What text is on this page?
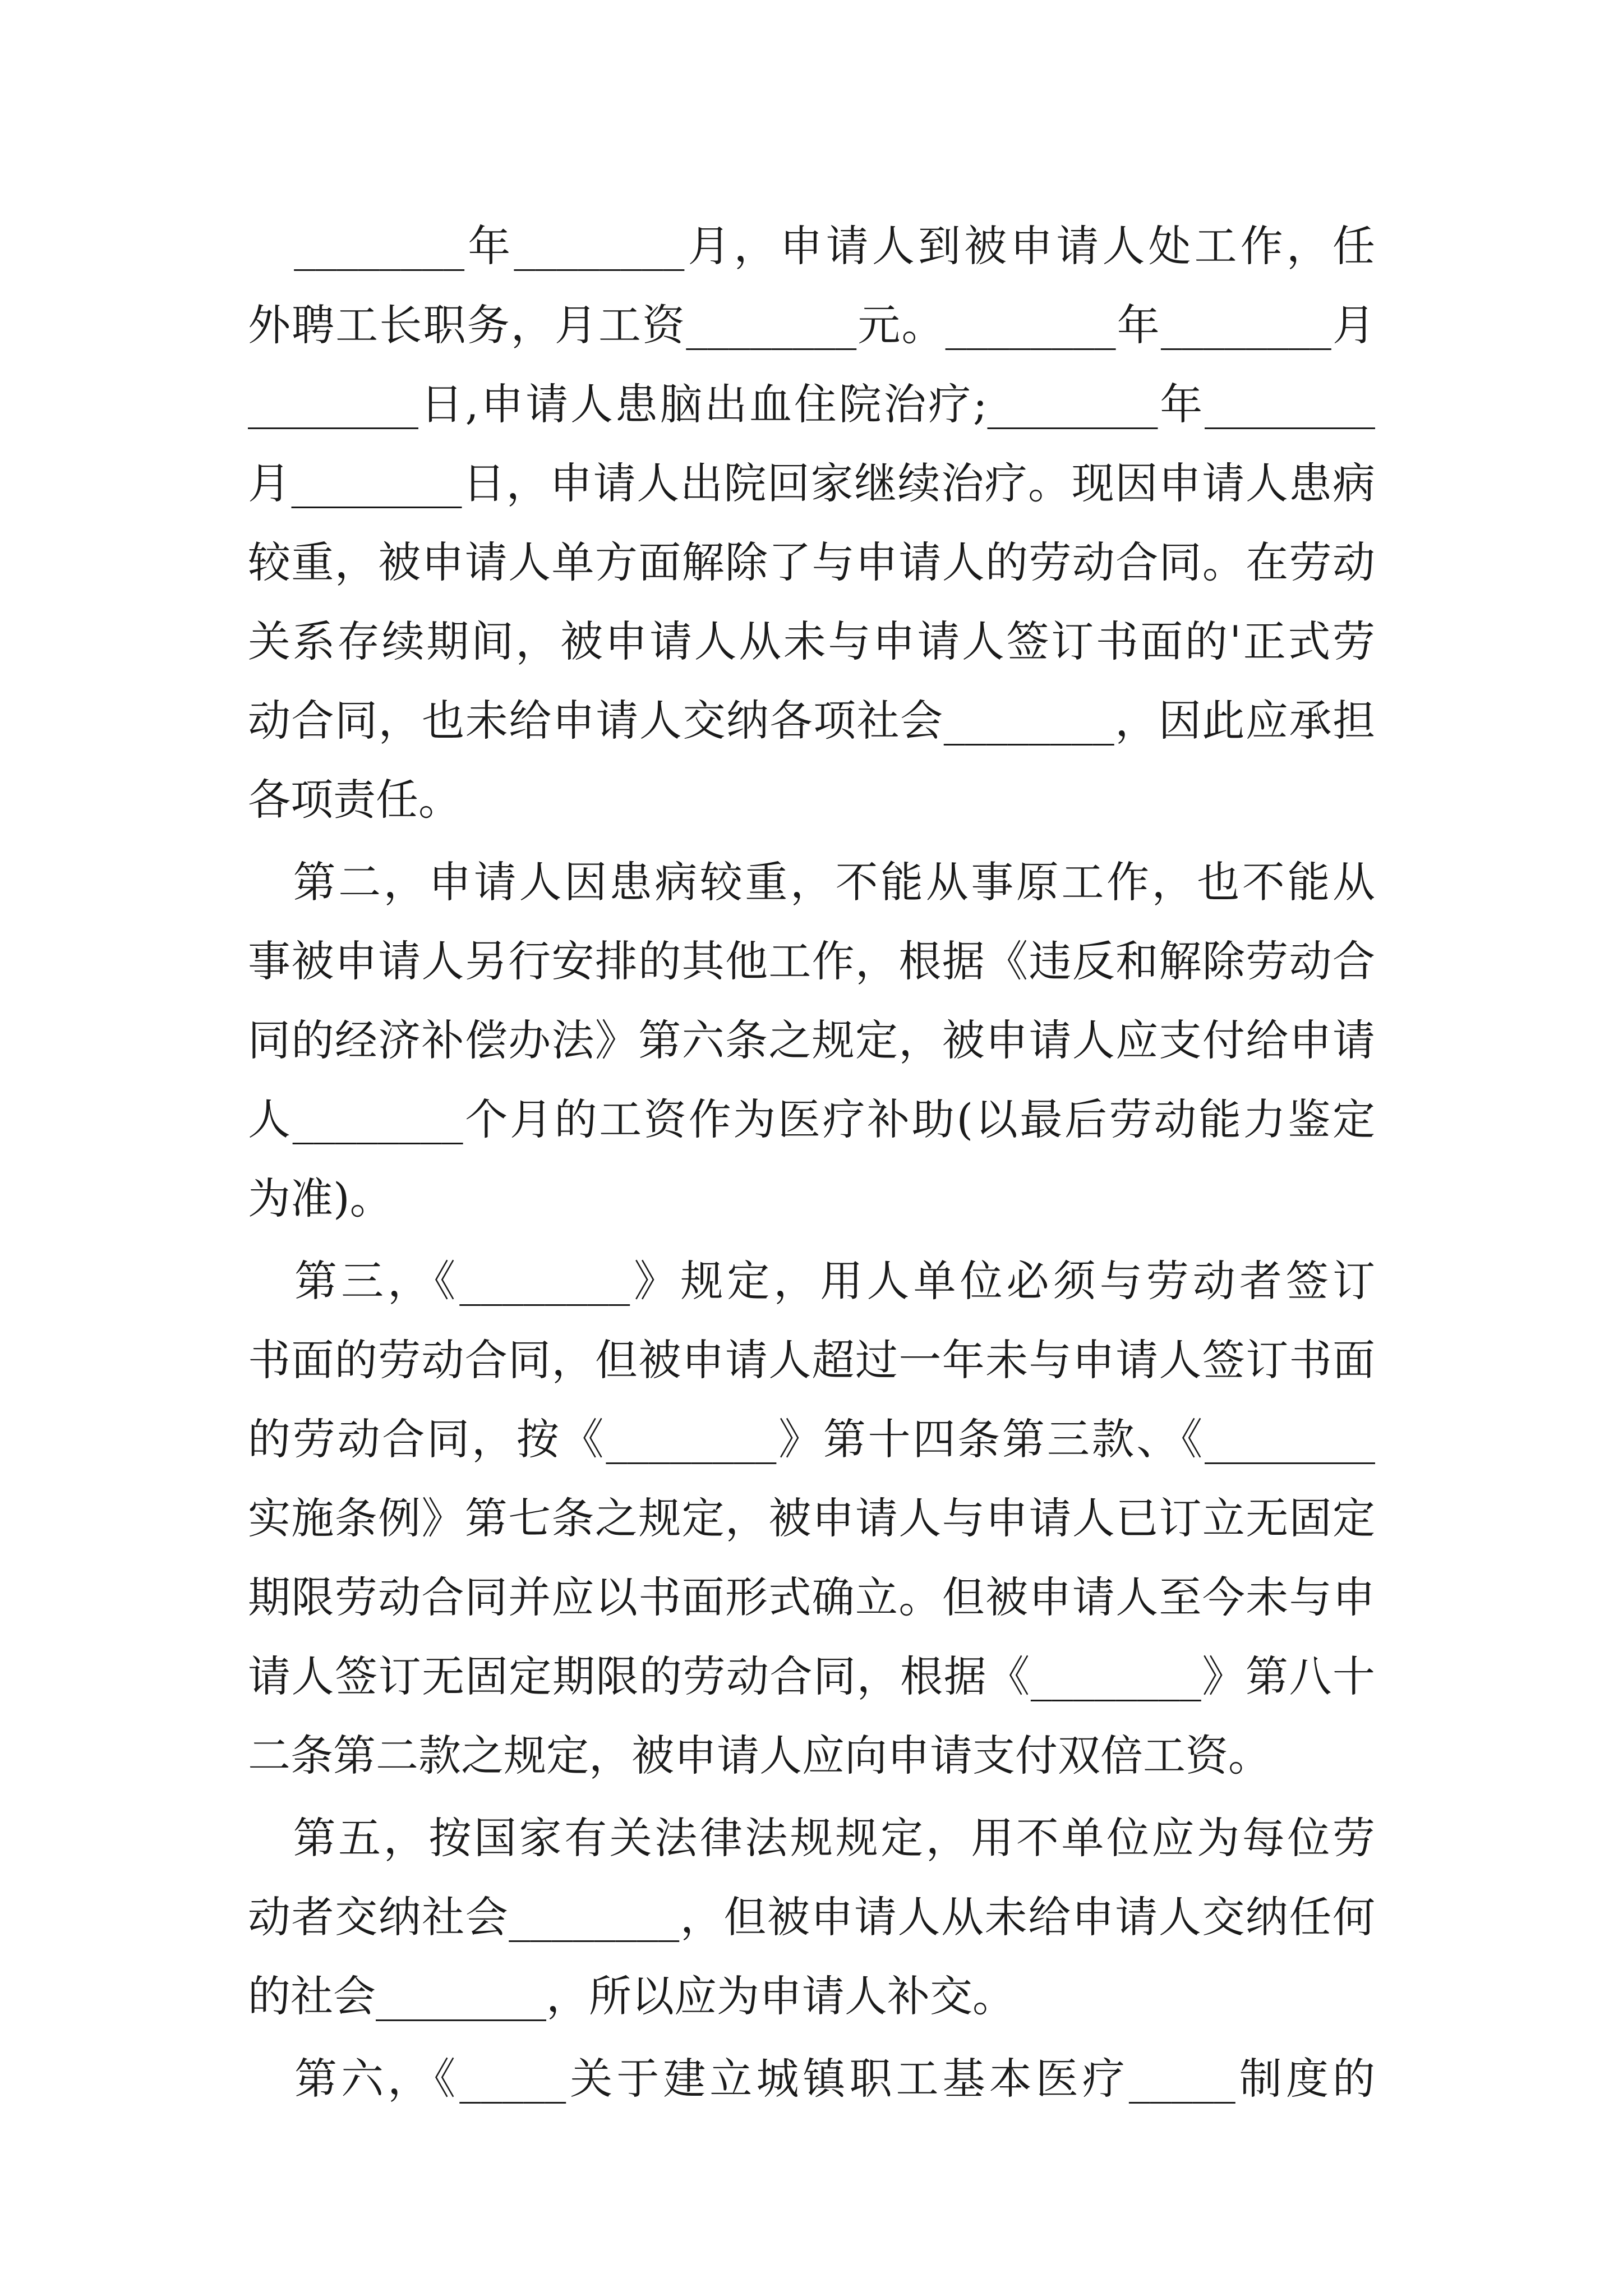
　________年________月，申请人到被申请人处工作，任
外聘工长职务，月工资________元。________年________月
________日,申请人患脑出血住院治疗;________年________
月________日，申请人出院回家继续治疗。现因申请人患病
较重，被申请人单方面解除了与申请人的劳动合同。在劳动
关系存续期间，被申请人从未与申请人签订书面的'正式劳
动合同，也未给申请人交纳各项社会________，因此应承担
各项责任。
　第二，申请人因患病较重，不能从事原工作，也不能从
事被申请人另行安排的其他工作，根据《违反和解除劳动合
同的经济补偿办法》第六条之规定，被申请人应支付给申请
人________个月的工资作为医疗补助(以最后劳动能力鉴定
为准)。
　第三，《________》规定，用人单位必须与劳动者签订
书面的劳动合同，但被申请人超过一年未与申请人签订书面
的劳动合同，按《________》第十四条第三款、《________
实施条例》第七条之规定，被申请人与申请人已订立无固定
期限劳动合同并应以书面形式确立。但被申请人至今未与申
请人签订无固定期限的劳动合同，根据《________》第八十
二条第二款之规定，被申请人应向申请支付双倍工资。
　第五，按国家有关法律法规规定，用不单位应为每位劳
动者交纳社会________，但被申请人从未给申请人交纳任何
的社会________，所以应为申请人补交。
　第六，《_____关于建立城镇职工基本医疗_____制度的
